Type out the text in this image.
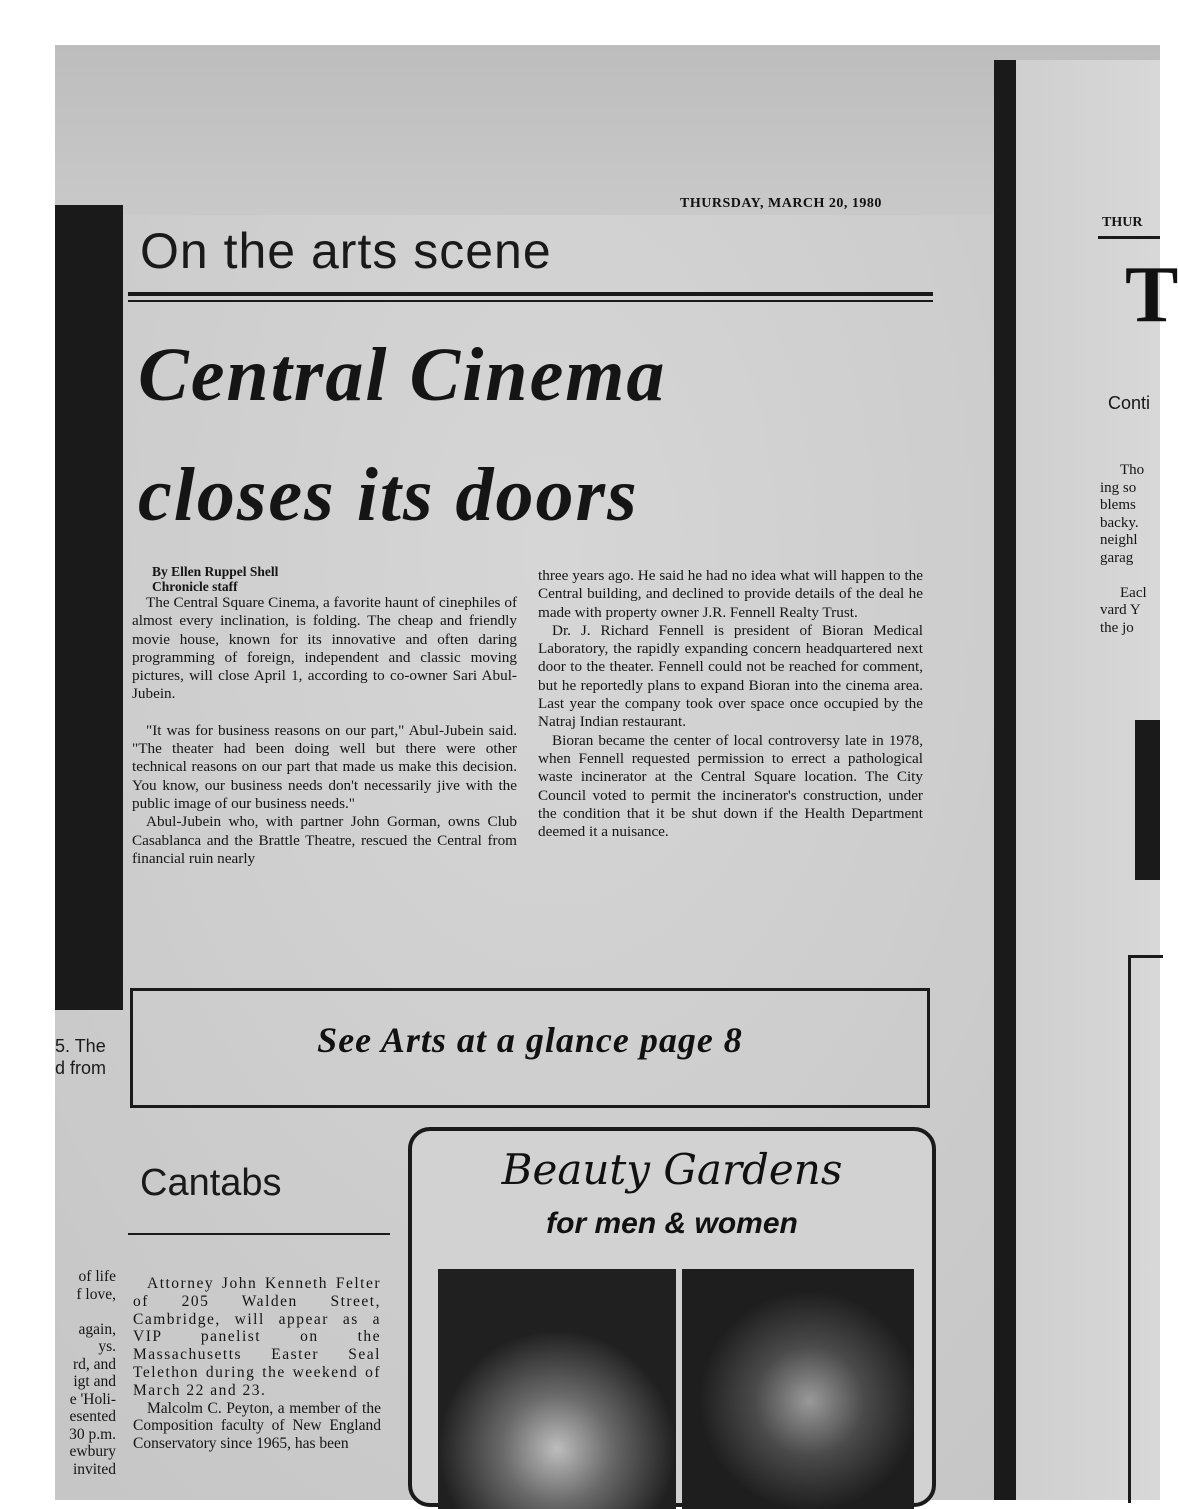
THURSDAY, MARCH 20, 1980
On the arts scene
Central Cinema
closes its doors

By Ellen Ruppel Shell

Chronicle staff

The Central Square Cinema, a favorite haunt of cinephiles of almost every inclination, is folding. The cheap and friendly movie house, known for its innovative and often daring programming of foreign, independent and classic moving pictures, will close April 1, according to co-owner Sari Abul-Jubein.

"It was for business reasons on our part," Abul-Jubein said. "The theater had been doing well but there were other technical reasons on our part that made us make this decision. You know, our business needs don't necessarily jive with the public image of our business needs."

Abul-Jubein who, with partner John Gorman, owns Club Casablanca and the Brattle Theatre, rescued the Central from financial ruin nearly

three years ago. He said he had no idea what will happen to the Central building, and declined to provide details of the deal he made with property owner J.R. Fennell Realty Trust.

Dr. J. Richard Fennell is president of Bioran Medical Laboratory, the rapidly expanding concern headquartered next door to the theater. Fennell could not be reached for comment, but he reportedly plans to expand Bioran into the cinema area. Last year the company took over space once occupied by the Natraj Indian restaurant.

Bioran became the center of local controversy late in 1978, when Fennell requested permission to errect a pathological waste incinerator at the Central Square location. The City Council voted to permit the incinerator's construction, under the condition that it be shut down if the Health Department deemed it a nuisance.

See Arts at a glance page 8
5. The
d from
Cantabs

Attorney John Kenneth Felter of 205 Walden Street, Cambridge, will appear as a VIP panelist on the Massachusetts Easter Seal Telethon during the weekend of March 22 and 23.

Malcolm C. Peyton, a member of the Composition faculty of New England Conservatory since 1965, has been

of life
f love,
again,
ys.
rd, and
igt and
e 'Holi-
esented
30 p.m.
ewbury
invited
Beauty Gardens
for men & women
THUR
T
Conti
Tho
ing so
blems
backy.
neighl
garag
Eacl
vard Y
the jo
